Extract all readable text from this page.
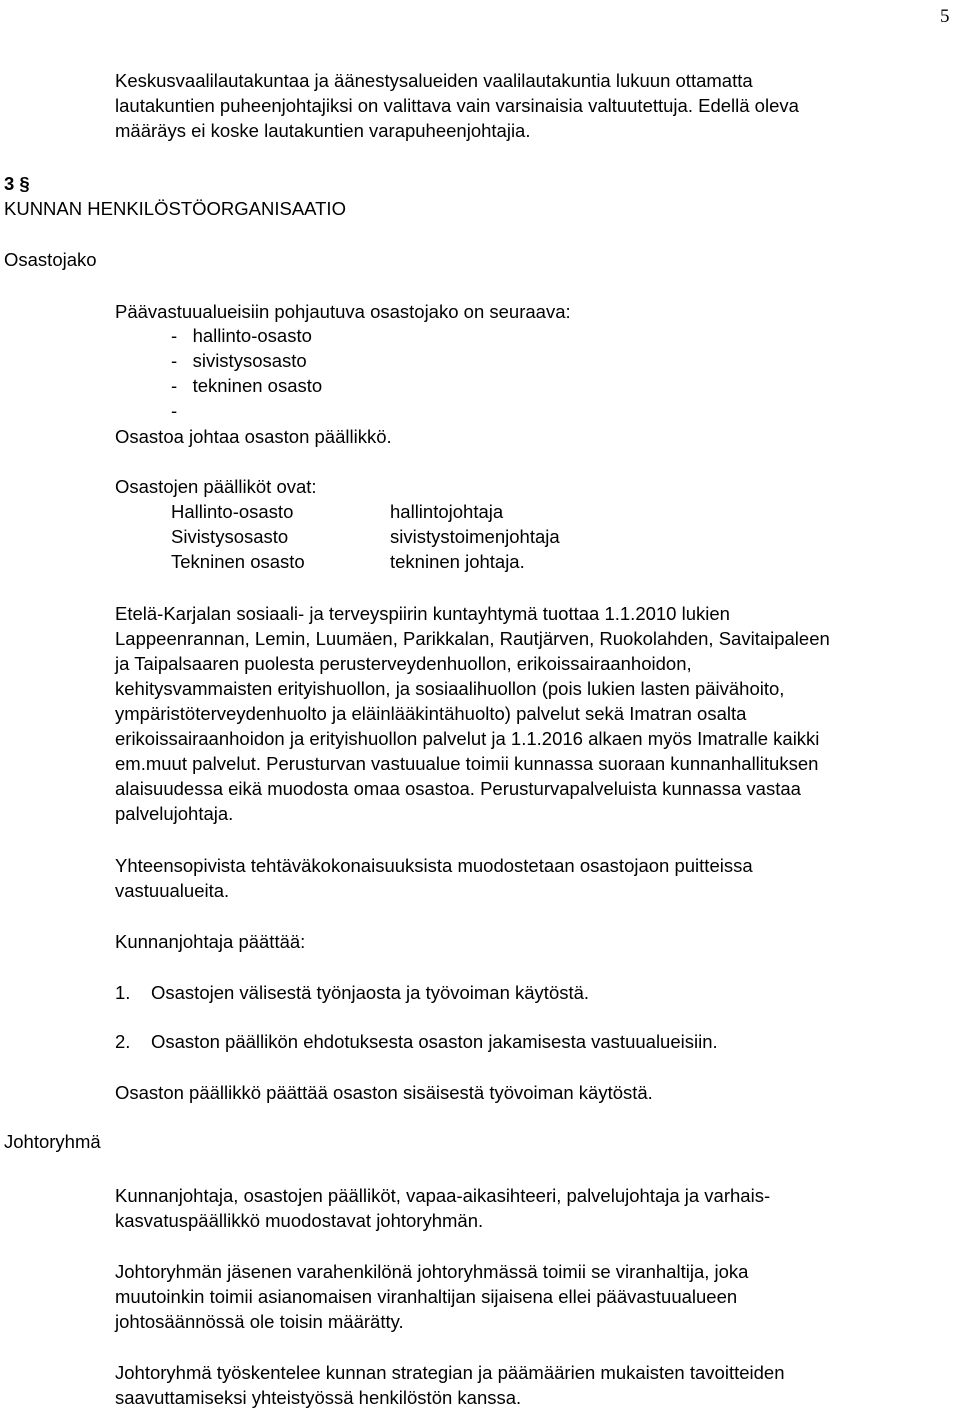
5
Keskusvaalilautakuntaa ja äänestysalueiden vaalilautakuntia lukuun ottamatta
lautakuntien puheenjohtajiksi on valittava vain varsinaisia valtuutettuja. Edellä oleva
määräys ei koske lautakuntien varapuheenjohtajia.
3 §
KUNNAN HENKILÖSTÖORGANISAATIO
Osastojako
Päävastuualueisiin pohjautuva osastojako on seuraava:
-   hallinto-osasto
-   sivistysosasto
-   tekninen osasto
-
Osastoa johtaa osaston päällikkö.
Osastojen päälliköt ovat:
Hallinto-osasto
Sivistysosasto
Tekninen osasto
hallintojohtaja
sivistystoimenjohtaja
tekninen johtaja.
Etelä-Karjalan sosiaali- ja terveyspiirin kuntayhtymä tuottaa 1.1.2010 lukien
Lappeenrannan, Lemin, Luumäen, Parikkalan, Rautjärven, Ruokolahden, Savitaipaleen
ja Taipalsaaren puolesta perusterveydenhuollon, erikoissairaanhoidon,
kehitysvammaisten erityishuollon, ja sosiaalihuollon (pois lukien lasten päivähoito,
ympäristöterveydenhuolto ja eläinlääkintähuolto) palvelut sekä Imatran osalta
erikoissairaanhoidon ja erityishuollon palvelut ja 1.1.2016 alkaen myös Imatralle kaikki
em.muut palvelut. Perusturvan vastuualue toimii kunnassa suoraan kunnanhallituksen
alaisuudessa eikä muodosta omaa osastoa. Perusturvapalveluista kunnassa vastaa
palvelujohtaja.
Yhteensopivista tehtäväkokonaisuuksista muodostetaan osastojaon puitteissa
vastuualueita.
Kunnanjohtaja päättää:
1. Osastojen välisestä työnjaosta ja työvoiman käytöstä.
2. Osaston päällikön ehdotuksesta osaston jakamisesta vastuualueisiin.
Osaston päällikkö päättää osaston sisäisestä työvoiman käytöstä.
Johtoryhmä
Kunnanjohtaja, osastojen päälliköt, vapaa-aikasihteeri, palvelujohtaja ja varhais-
kasvatuspäällikkö muodostavat johtoryhmän.
Johtoryhmän jäsenen varahenkilönä johtoryhmässä toimii se viranhaltija, joka
muutoinkin toimii asianomaisen viranhaltijan sijaisena ellei päävastuualueen
johtosäännössä ole toisin määrätty.
Johtoryhmä työskentelee kunnan strategian ja päämäärien mukaisten tavoitteiden
saavuttamiseksi yhteistyössä henkilöstön kanssa.
